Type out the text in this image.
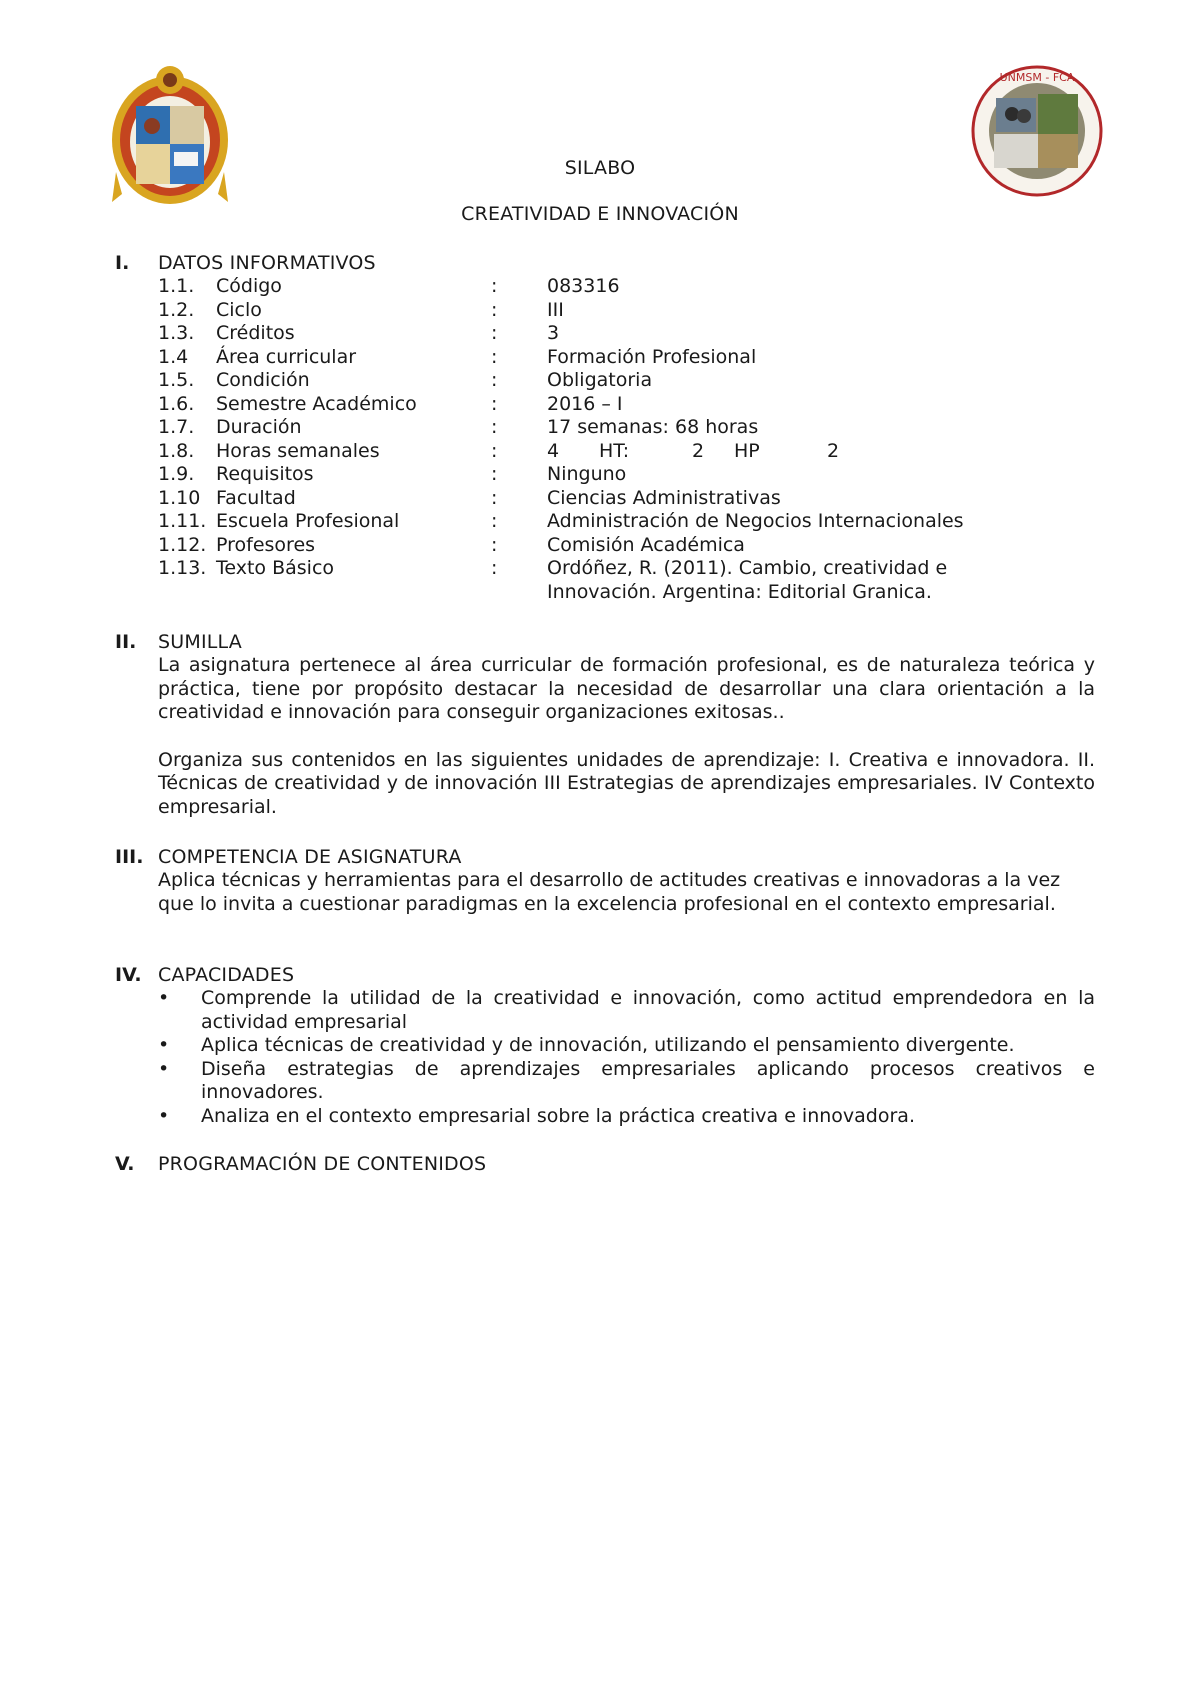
UNMSM - FCA
SILABO
CREATIVIDAD E INNOVACIÓN
I.	DATOS INFORMATIVOS
1.1.	Código	:	083316
1.2.	Ciclo	:	III
1.3.	Créditos	:	3
1.4	Área curricular	:	Formación Profesional
1.5.	Condición	:	Obligatoria
1.6.	Semestre Académico	:	2016 – I
1.7.	Duración	:	17 semanas: 68 horas
1.8.	Horas semanales	:	4	HT:	2	HP	2
1.9.	Requisitos	:	Ninguno
1.10 Facultad	:	Ciencias Administrativas
1.11. Escuela Profesional	:	Administración de Negocios Internacionales
1.12. Profesores	:	Comisión Académica
1.13. Texto Básico	:	Ordóñez, R. (2011). Cambio, creatividad e
Innovación. Argentina: Editorial Granica.
II.	SUMILLA
La asignatura pertenece al área curricular de formación profesional, es de naturaleza teórica y práctica, tiene por propósito destacar la necesidad de desarrollar una clara orientación a la creatividad e innovación para conseguir organizaciones exitosas..
Organiza sus contenidos en las siguientes unidades de aprendizaje: I. Creativa e innovadora. II. Técnicas de creatividad y de innovación III Estrategias de aprendizajes empresariales. IV Contexto empresarial.
III. COMPETENCIA DE ASIGNATURA
Aplica técnicas y herramientas para el desarrollo de actitudes creativas e innovadoras a la vez que lo invita a cuestionar paradigmas en la excelencia profesional en el contexto empresarial.
IV. CAPACIDADES
•	Comprende la utilidad de la creatividad e innovación, como actitud emprendedora en la actividad empresarial
•	Aplica técnicas de creatividad y de innovación, utilizando el pensamiento divergente.
•	Diseña estrategias de aprendizajes empresariales aplicando procesos creativos e innovadores.
•	Analiza en el contexto empresarial sobre la práctica creativa e innovadora.
V.	PROGRAMACIÓN DE CONTENIDOS
